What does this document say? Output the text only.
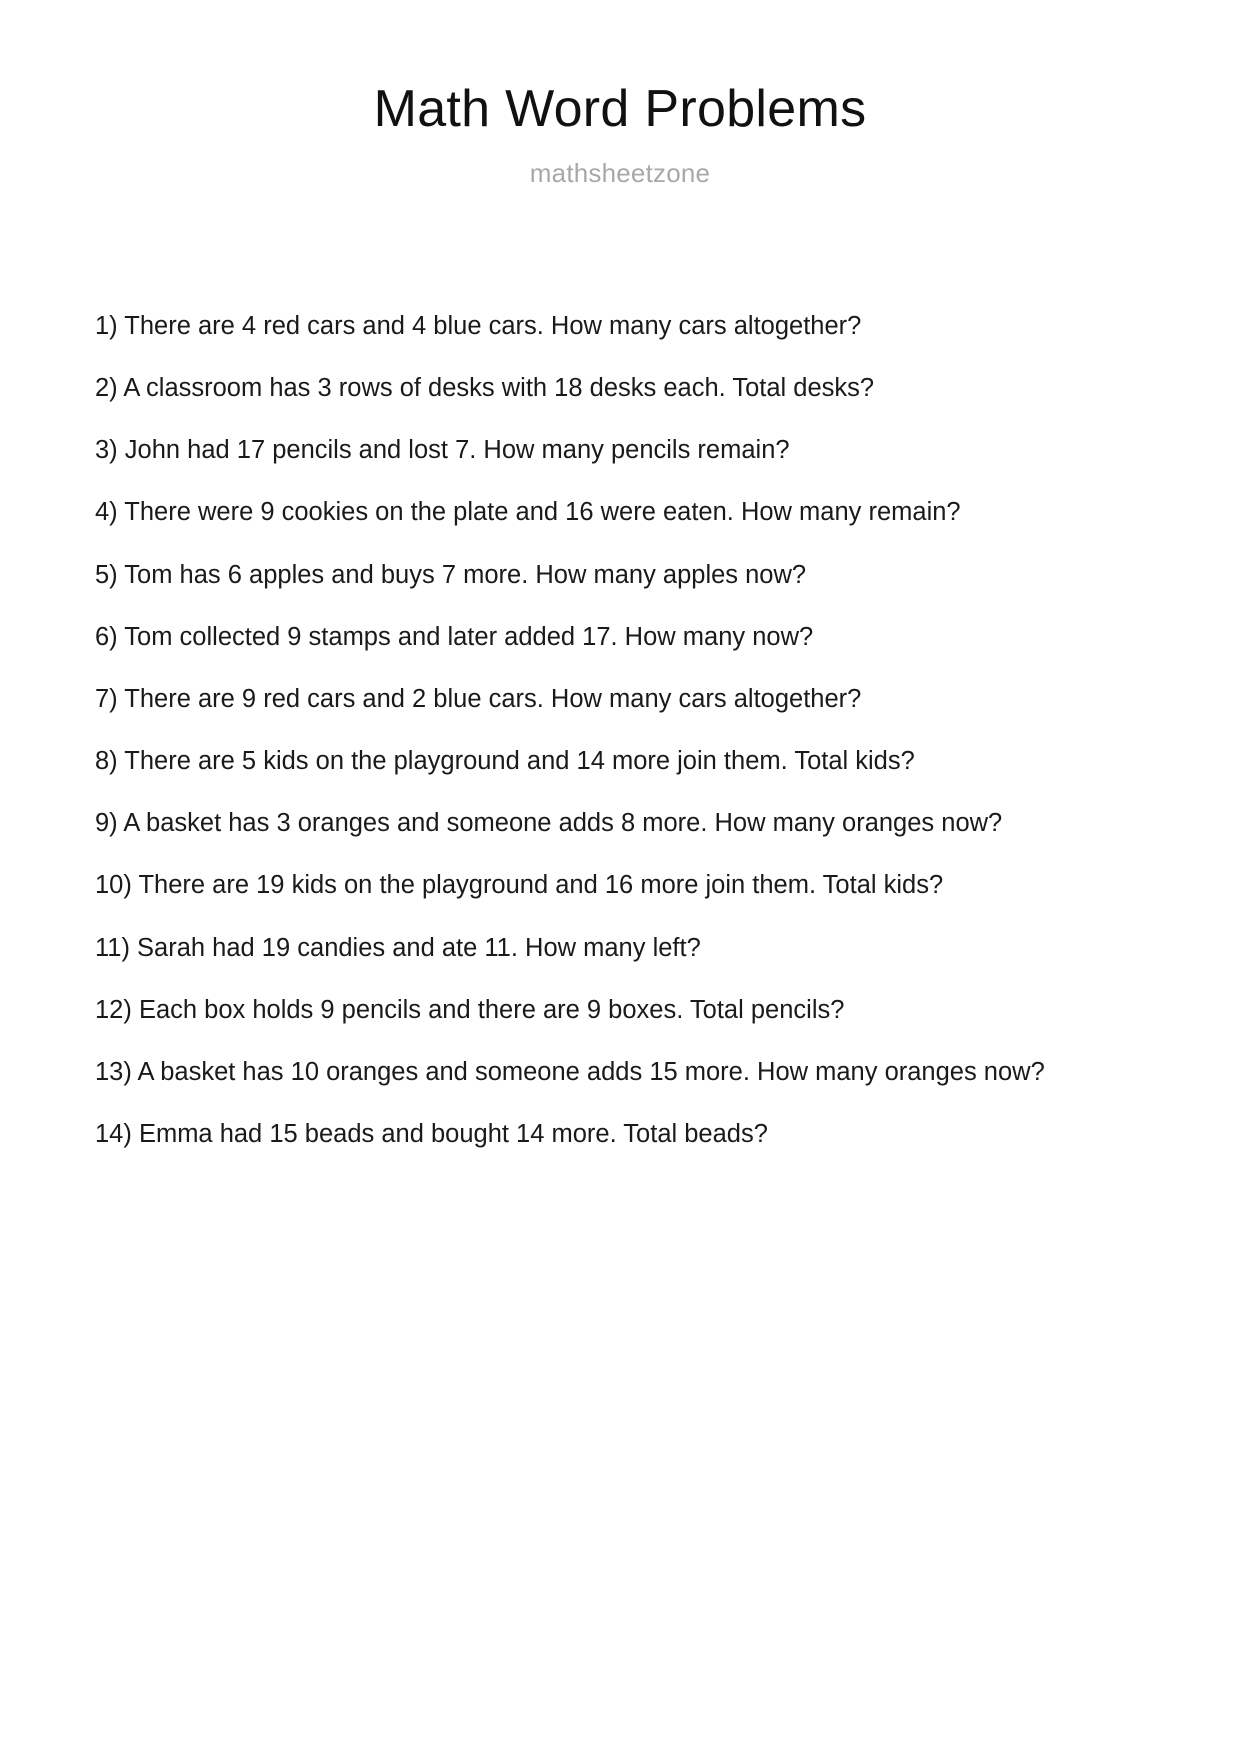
Math Word Problems
mathsheetzone
1) There are 4 red cars and 4 blue cars. How many cars altogether?
2) A classroom has 3 rows of desks with 18 desks each. Total desks?
3) John had 17 pencils and lost 7. How many pencils remain?
4) There were 9 cookies on the plate and 16 were eaten. How many remain?
5) Tom has 6 apples and buys 7 more. How many apples now?
6) Tom collected 9 stamps and later added 17. How many now?
7) There are 9 red cars and 2 blue cars. How many cars altogether?
8) There are 5 kids on the playground and 14 more join them. Total kids?
9) A basket has 3 oranges and someone adds 8 more. How many oranges now?
10) There are 19 kids on the playground and 16 more join them. Total kids?
11) Sarah had 19 candies and ate 11. How many left?
12) Each box holds 9 pencils and there are 9 boxes. Total pencils?
13) A basket has 10 oranges and someone adds 15 more. How many oranges now?
14) Emma had 15 beads and bought 14 more. Total beads?
